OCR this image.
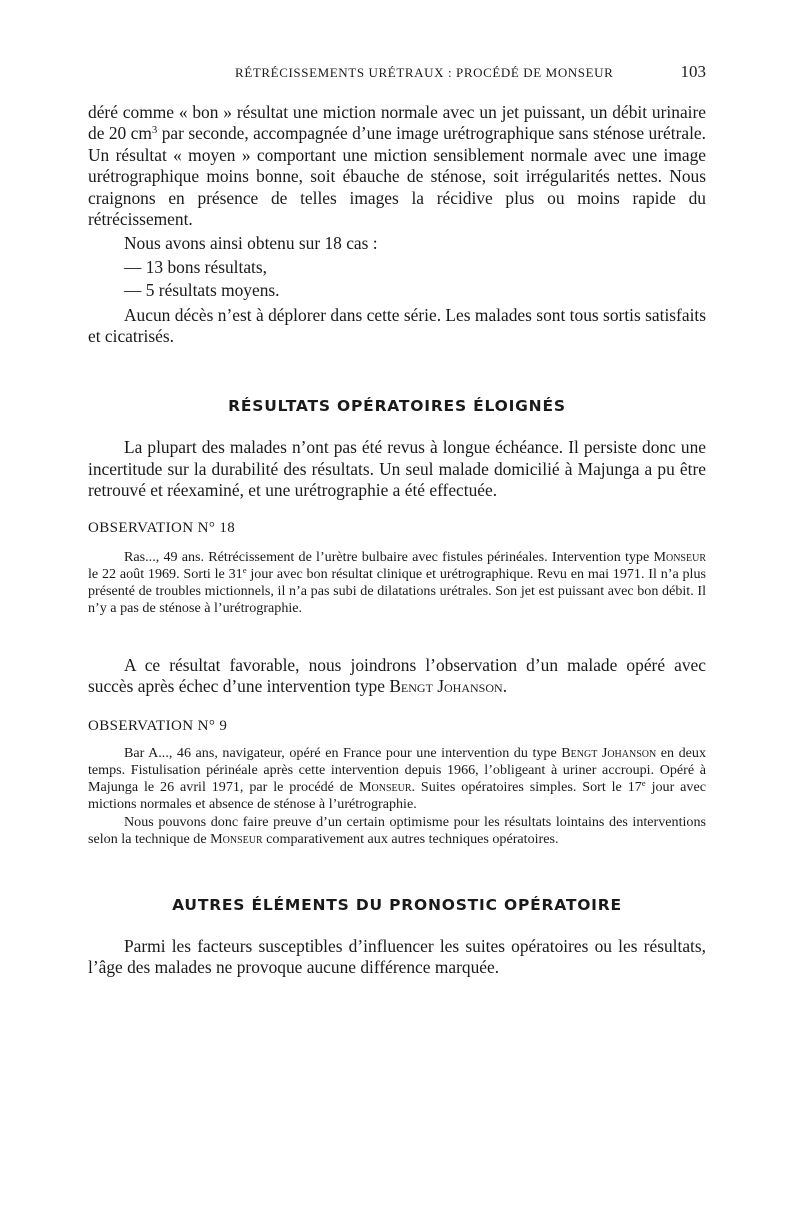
RÉTRÉCISSEMENTS URÉTRAUX : PROCÉDÉ DE MONSEUR	103

déré comme « bon » résultat une miction normale avec un jet puissant, un débit urinaire de 20 $cm^3$ par seconde, accompagnée d’une image urétrographique sans sténose urétrale. Un résultat « moyen » comportant une miction sensiblement normale avec une image urétrographique moins bonne, soit ébauche de sténose, soit irrégularités nettes. Nous craignons en présence de telles images la récidive plus ou moins rapide du rétrécissement.

Nous avons ainsi obtenu sur 18 cas :

— 13 bons résultats,
— 5 résultats moyens.

Aucun décès n’est à déplorer dans cette série. Les malades sont tous sortis satisfaits et cicatrisés.

RÉSULTATS OPÉRATOIRES ÉLOIGNÉS

La plupart des malades n’ont pas été revus à longue échéance. Il persiste donc une incertitude sur la durabilité des résultats. Un seul malade domicilié à Majunga a pu être retrouvé et réexaminé, et une urétrographie a été effectuée.

OBSERVATION N° 18

Ras..., 49 ans. Rétrécissement de l’urètre bulbaire avec fistules périnéales. Intervention type Monseur le 22 août 1969. Sorti le 31e jour avec bon résultat clinique et urétrographique. Revu en mai 1971. Il n’a plus présenté de troubles mictionnels, il n’a pas subi de dilatations urétrales. Son jet est puissant avec bon débit. Il n’y a pas de sténose à l’urétrographie.

A ce résultat favorable, nous joindrons l’observation d’un malade opéré avec succès après échec d’une intervention type Bengt Johanson.

OBSERVATION N° 9

Bar A..., 46 ans, navigateur, opéré en France pour une intervention du type Bengt Johanson en deux temps. Fistulisation périnéale après cette intervention depuis 1966, l’obligeant à uriner accroupi. Opéré à Majunga le 26 avril 1971, par le procédé de Monseur. Suites opératoires simples. Sort le 17e jour avec mictions normales et absence de sténose à l’urétrographie.

Nous pouvons donc faire preuve d’un certain optimisme pour les résultats lointains des interventions selon la technique de Monseur comparativement aux autres techniques opératoires.

AUTRES ÉLÉMENTS DU PRONOSTIC OPÉRATOIRE

Parmi les facteurs susceptibles d’influencer les suites opératoires ou les résultats, l’âge des malades ne provoque aucune différence marquée.
